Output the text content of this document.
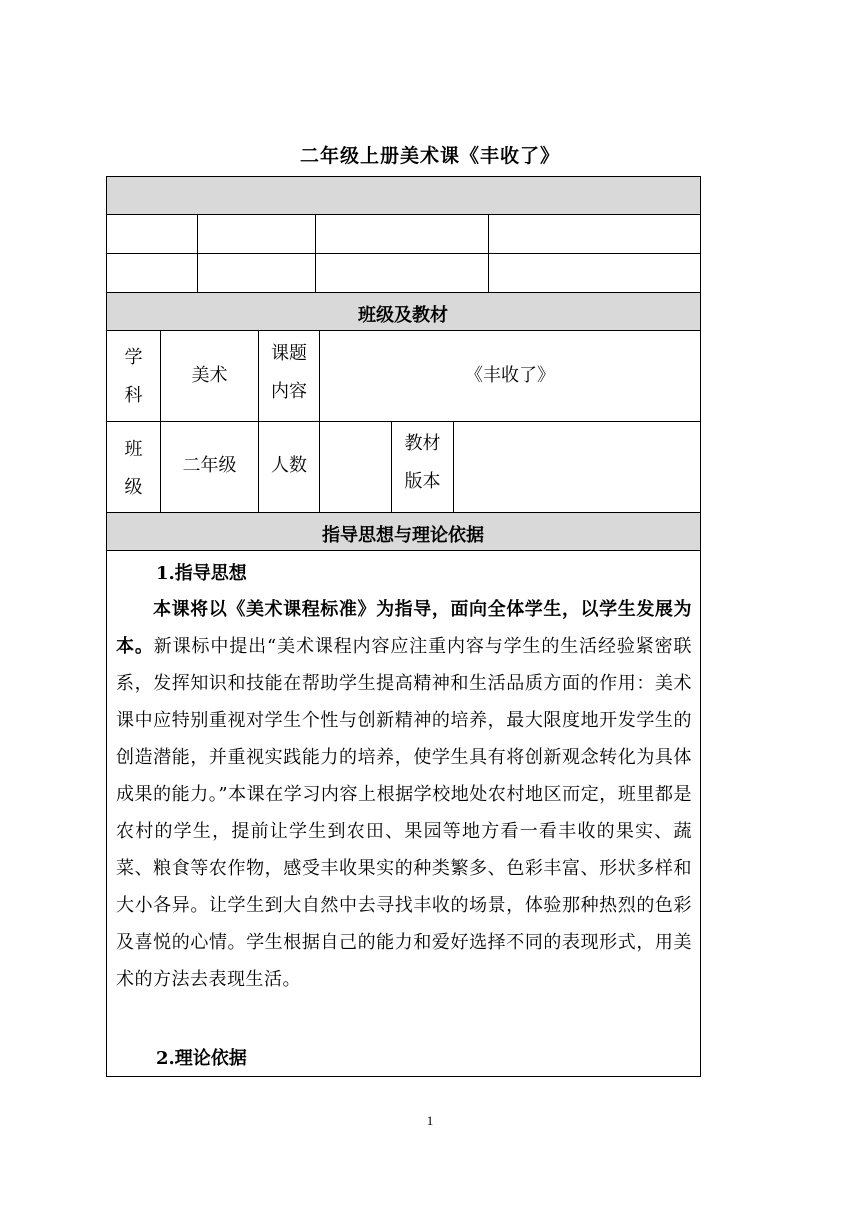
二年级上册美术课《丰收了》
班级及教材
学
科
美术
课题
内容
《丰收了》
班
级
二年级	人数
教材
版本
指导思想与理论依据
1.指导思想
本课将以《美术课程标准》为指导，面向全体学生，以学生发展为本。新课标中提出“美术课程内容应注重内容与学生的生活经验紧密联系，发挥知识和技能在帮助学生提高精神和生活品质方面的作用：美术课中应特别重视对学生个性与创新精神的培养，最大限度地开发学生的创造潜能，并重视实践能力的培养，使学生具有将创新观念转化为具体成果的能力。”本课在学习内容上根据学校地处农村地区而定，班里都是农村的学生，提前让学生到农田、果园等地方看一看丰收的果实、蔬菜、粮食等农作物，感受丰收果实的种类繁多、色彩丰富、形状多样和大小各异。让学生到大自然中去寻找丰收的场景，体验那种热烈的色彩及喜悦的心情。学生根据自己的能力和爱好选择不同的表现形式，用美术的方法去表现生活。
2.理论依据
1
